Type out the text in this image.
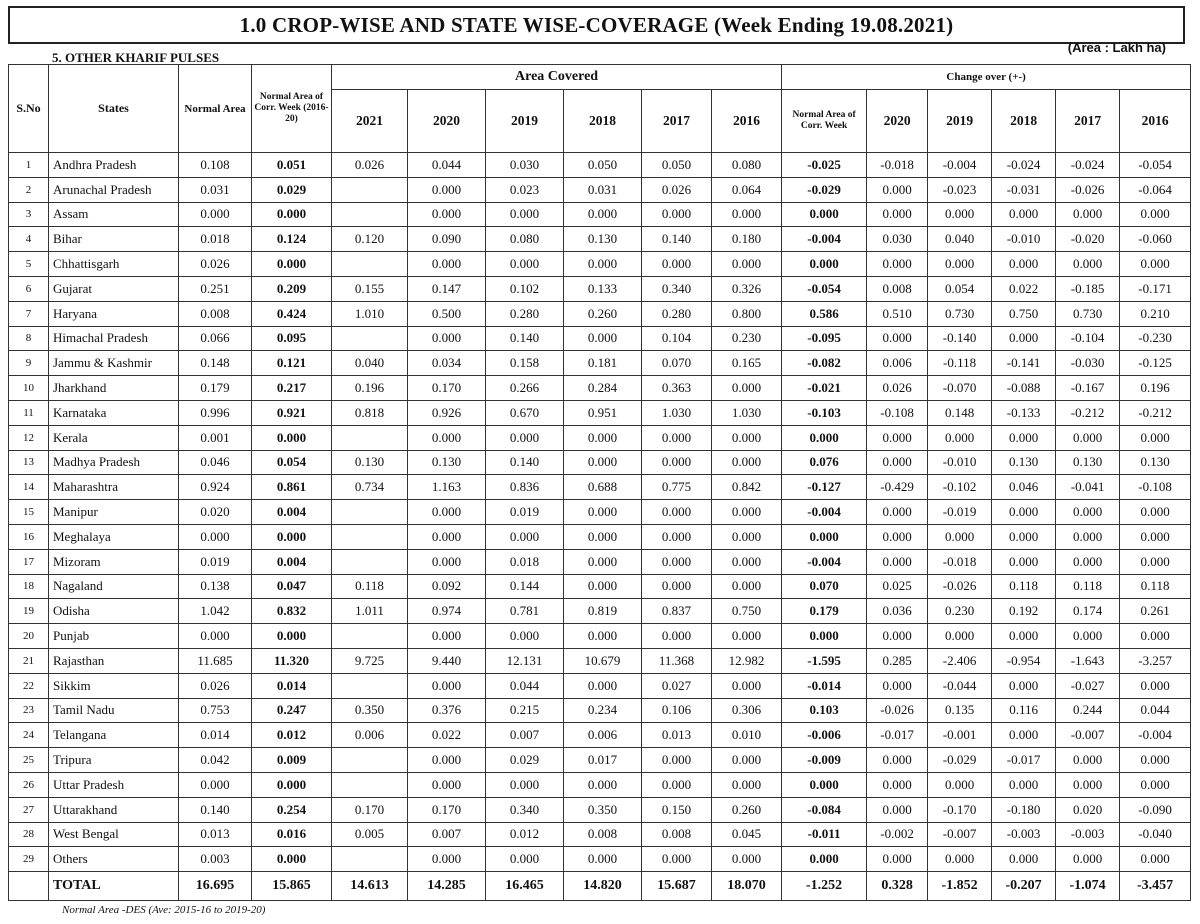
1.0 CROP-WISE AND STATE WISE-COVERAGE (Week Ending 19.08.2021)
5. OTHER KHARIF PULSES
(Area : Lakh ha)
S.No	States	Normal Area	Normal Area of Corr. Week (2016-20)	Area Covered						Change over (+-)					
				2021	2020	2019	2018	2017	2016	Normal Area of Corr. Week	2020	2019	2018	2017	2016
1	Andhra Pradesh	0.108	0.051	0.026	0.044	0.030	0.050	0.050	0.080	-0.025	-0.018	-0.004	-0.024	-0.024	-0.054
2	Arunachal Pradesh	0.031	0.029		0.000	0.023	0.031	0.026	0.064	-0.029	0.000	-0.023	-0.031	-0.026	-0.064
3	Assam	0.000	0.000		0.000	0.000	0.000	0.000	0.000	0.000	0.000	0.000	0.000	0.000	0.000
4	Bihar	0.018	0.124	0.120	0.090	0.080	0.130	0.140	0.180	-0.004	0.030	0.040	-0.010	-0.020	-0.060
5	Chhattisgarh	0.026	0.000		0.000	0.000	0.000	0.000	0.000	0.000	0.000	0.000	0.000	0.000	0.000
6	Gujarat	0.251	0.209	0.155	0.147	0.102	0.133	0.340	0.326	-0.054	0.008	0.054	0.022	-0.185	-0.171
7	Haryana	0.008	0.424	1.010	0.500	0.280	0.260	0.280	0.800	0.586	0.510	0.730	0.750	0.730	0.210
8	Himachal Pradesh	0.066	0.095		0.000	0.140	0.000	0.104	0.230	-0.095	0.000	-0.140	0.000	-0.104	-0.230
9	Jammu & Kashmir	0.148	0.121	0.040	0.034	0.158	0.181	0.070	0.165	-0.082	0.006	-0.118	-0.141	-0.030	-0.125
10	Jharkhand	0.179	0.217	0.196	0.170	0.266	0.284	0.363	0.000	-0.021	0.026	-0.070	-0.088	-0.167	0.196
11	Karnataka	0.996	0.921	0.818	0.926	0.670	0.951	1.030	1.030	-0.103	-0.108	0.148	-0.133	-0.212	-0.212
12	Kerala	0.001	0.000		0.000	0.000	0.000	0.000	0.000	0.000	0.000	0.000	0.000	0.000	0.000
13	Madhya Pradesh	0.046	0.054	0.130	0.130	0.140	0.000	0.000	0.000	0.076	0.000	-0.010	0.130	0.130	0.130
14	Maharashtra	0.924	0.861	0.734	1.163	0.836	0.688	0.775	0.842	-0.127	-0.429	-0.102	0.046	-0.041	-0.108
15	Manipur	0.020	0.004		0.000	0.019	0.000	0.000	0.000	-0.004	0.000	-0.019	0.000	0.000	0.000
16	Meghalaya	0.000	0.000		0.000	0.000	0.000	0.000	0.000	0.000	0.000	0.000	0.000	0.000	0.000
17	Mizoram	0.019	0.004		0.000	0.018	0.000	0.000	0.000	-0.004	0.000	-0.018	0.000	0.000	0.000
18	Nagaland	0.138	0.047	0.118	0.092	0.144	0.000	0.000	0.000	0.070	0.025	-0.026	0.118	0.118	0.118
19	Odisha	1.042	0.832	1.011	0.974	0.781	0.819	0.837	0.750	0.179	0.036	0.230	0.192	0.174	0.261
20	Punjab	0.000	0.000		0.000	0.000	0.000	0.000	0.000	0.000	0.000	0.000	0.000	0.000	0.000
21	Rajasthan	11.685	11.320	9.725	9.440	12.131	10.679	11.368	12.982	-1.595	0.285	-2.406	-0.954	-1.643	-3.257
22	Sikkim	0.026	0.014		0.000	0.044	0.000	0.027	0.000	-0.014	0.000	-0.044	0.000	-0.027	0.000
23	Tamil Nadu	0.753	0.247	0.350	0.376	0.215	0.234	0.106	0.306	0.103	-0.026	0.135	0.116	0.244	0.044
24	Telangana	0.014	0.012	0.006	0.022	0.007	0.006	0.013	0.010	-0.006	-0.017	-0.001	0.000	-0.007	-0.004
25	Tripura	0.042	0.009		0.000	0.029	0.017	0.000	0.000	-0.009	0.000	-0.029	-0.017	0.000	0.000
26	Uttar Pradesh	0.000	0.000		0.000	0.000	0.000	0.000	0.000	0.000	0.000	0.000	0.000	0.000	0.000
27	Uttarakhand	0.140	0.254	0.170	0.170	0.340	0.350	0.150	0.260	-0.084	0.000	-0.170	-0.180	0.020	-0.090
28	West Bengal	0.013	0.016	0.005	0.007	0.012	0.008	0.008	0.045	-0.011	-0.002	-0.007	-0.003	-0.003	-0.040
29	Others	0.003	0.000		0.000	0.000	0.000	0.000	0.000	0.000	0.000	0.000	0.000	0.000	0.000
	TOTAL	16.695	15.865	14.613	14.285	16.465	14.820	15.687	18.070	-1.252	0.328	-1.852	-0.207	-1.074	-3.457
Normal Area -DES (Ave: 2015-16 to 2019-20)
